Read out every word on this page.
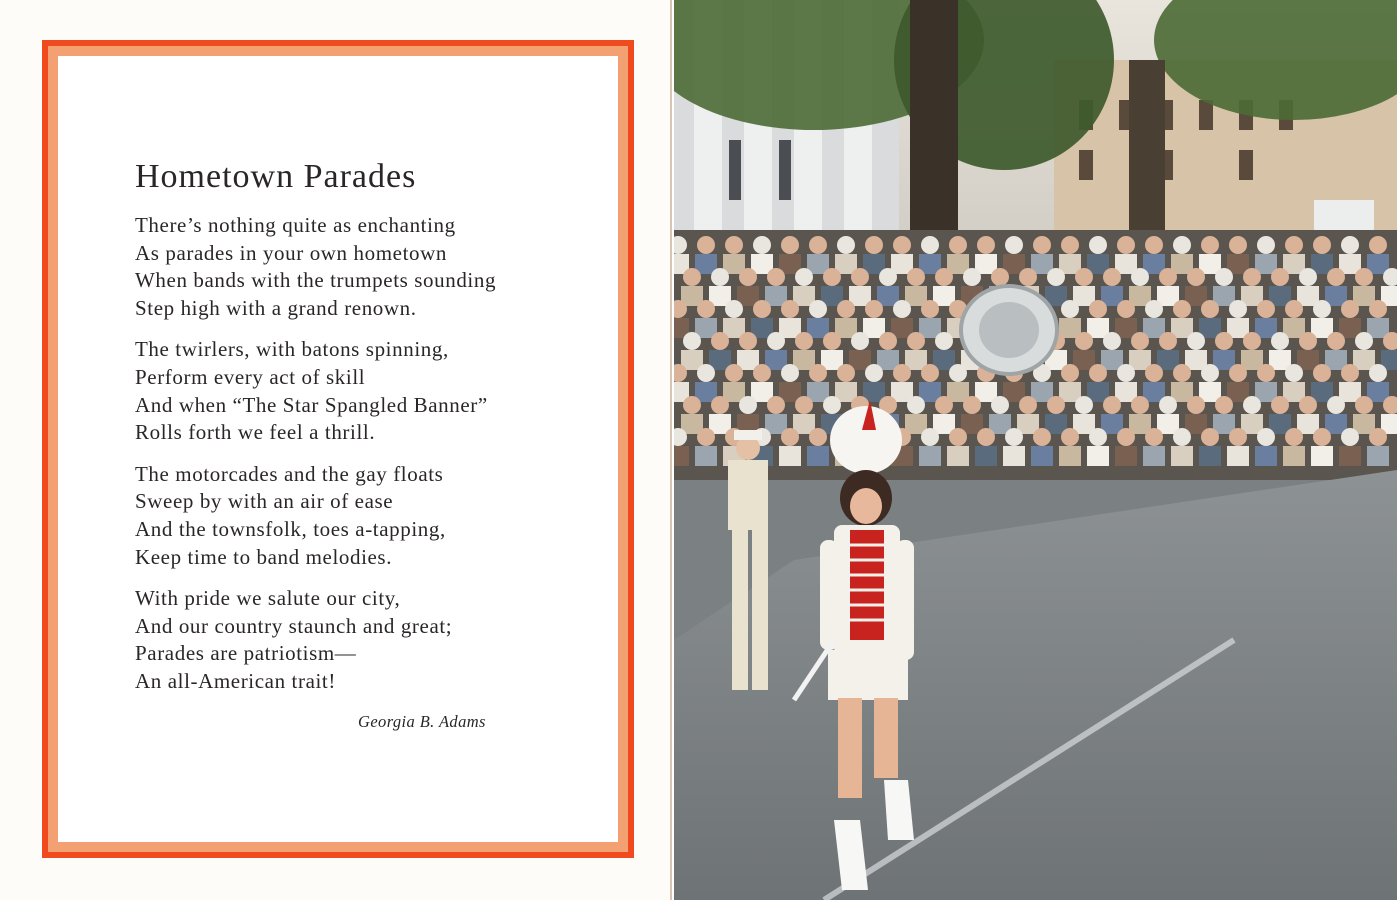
Hometown Parades
There’s nothing quite as enchanting
As parades in your own hometown
When bands with the trumpets sounding
Step high with a grand renown.
The twirlers, with batons spinning,
Perform every act of skill
And when “The Star Spangled Banner”
Rolls forth we feel a thrill.
The motorcades and the gay floats
Sweep by with an air of ease
And the townsfolk, toes a-tapping,
Keep time to band melodies.
With pride we salute our city,
And our country staunch and great;
Parades are patriotism—
An all-American trait!
Georgia B. Adams
